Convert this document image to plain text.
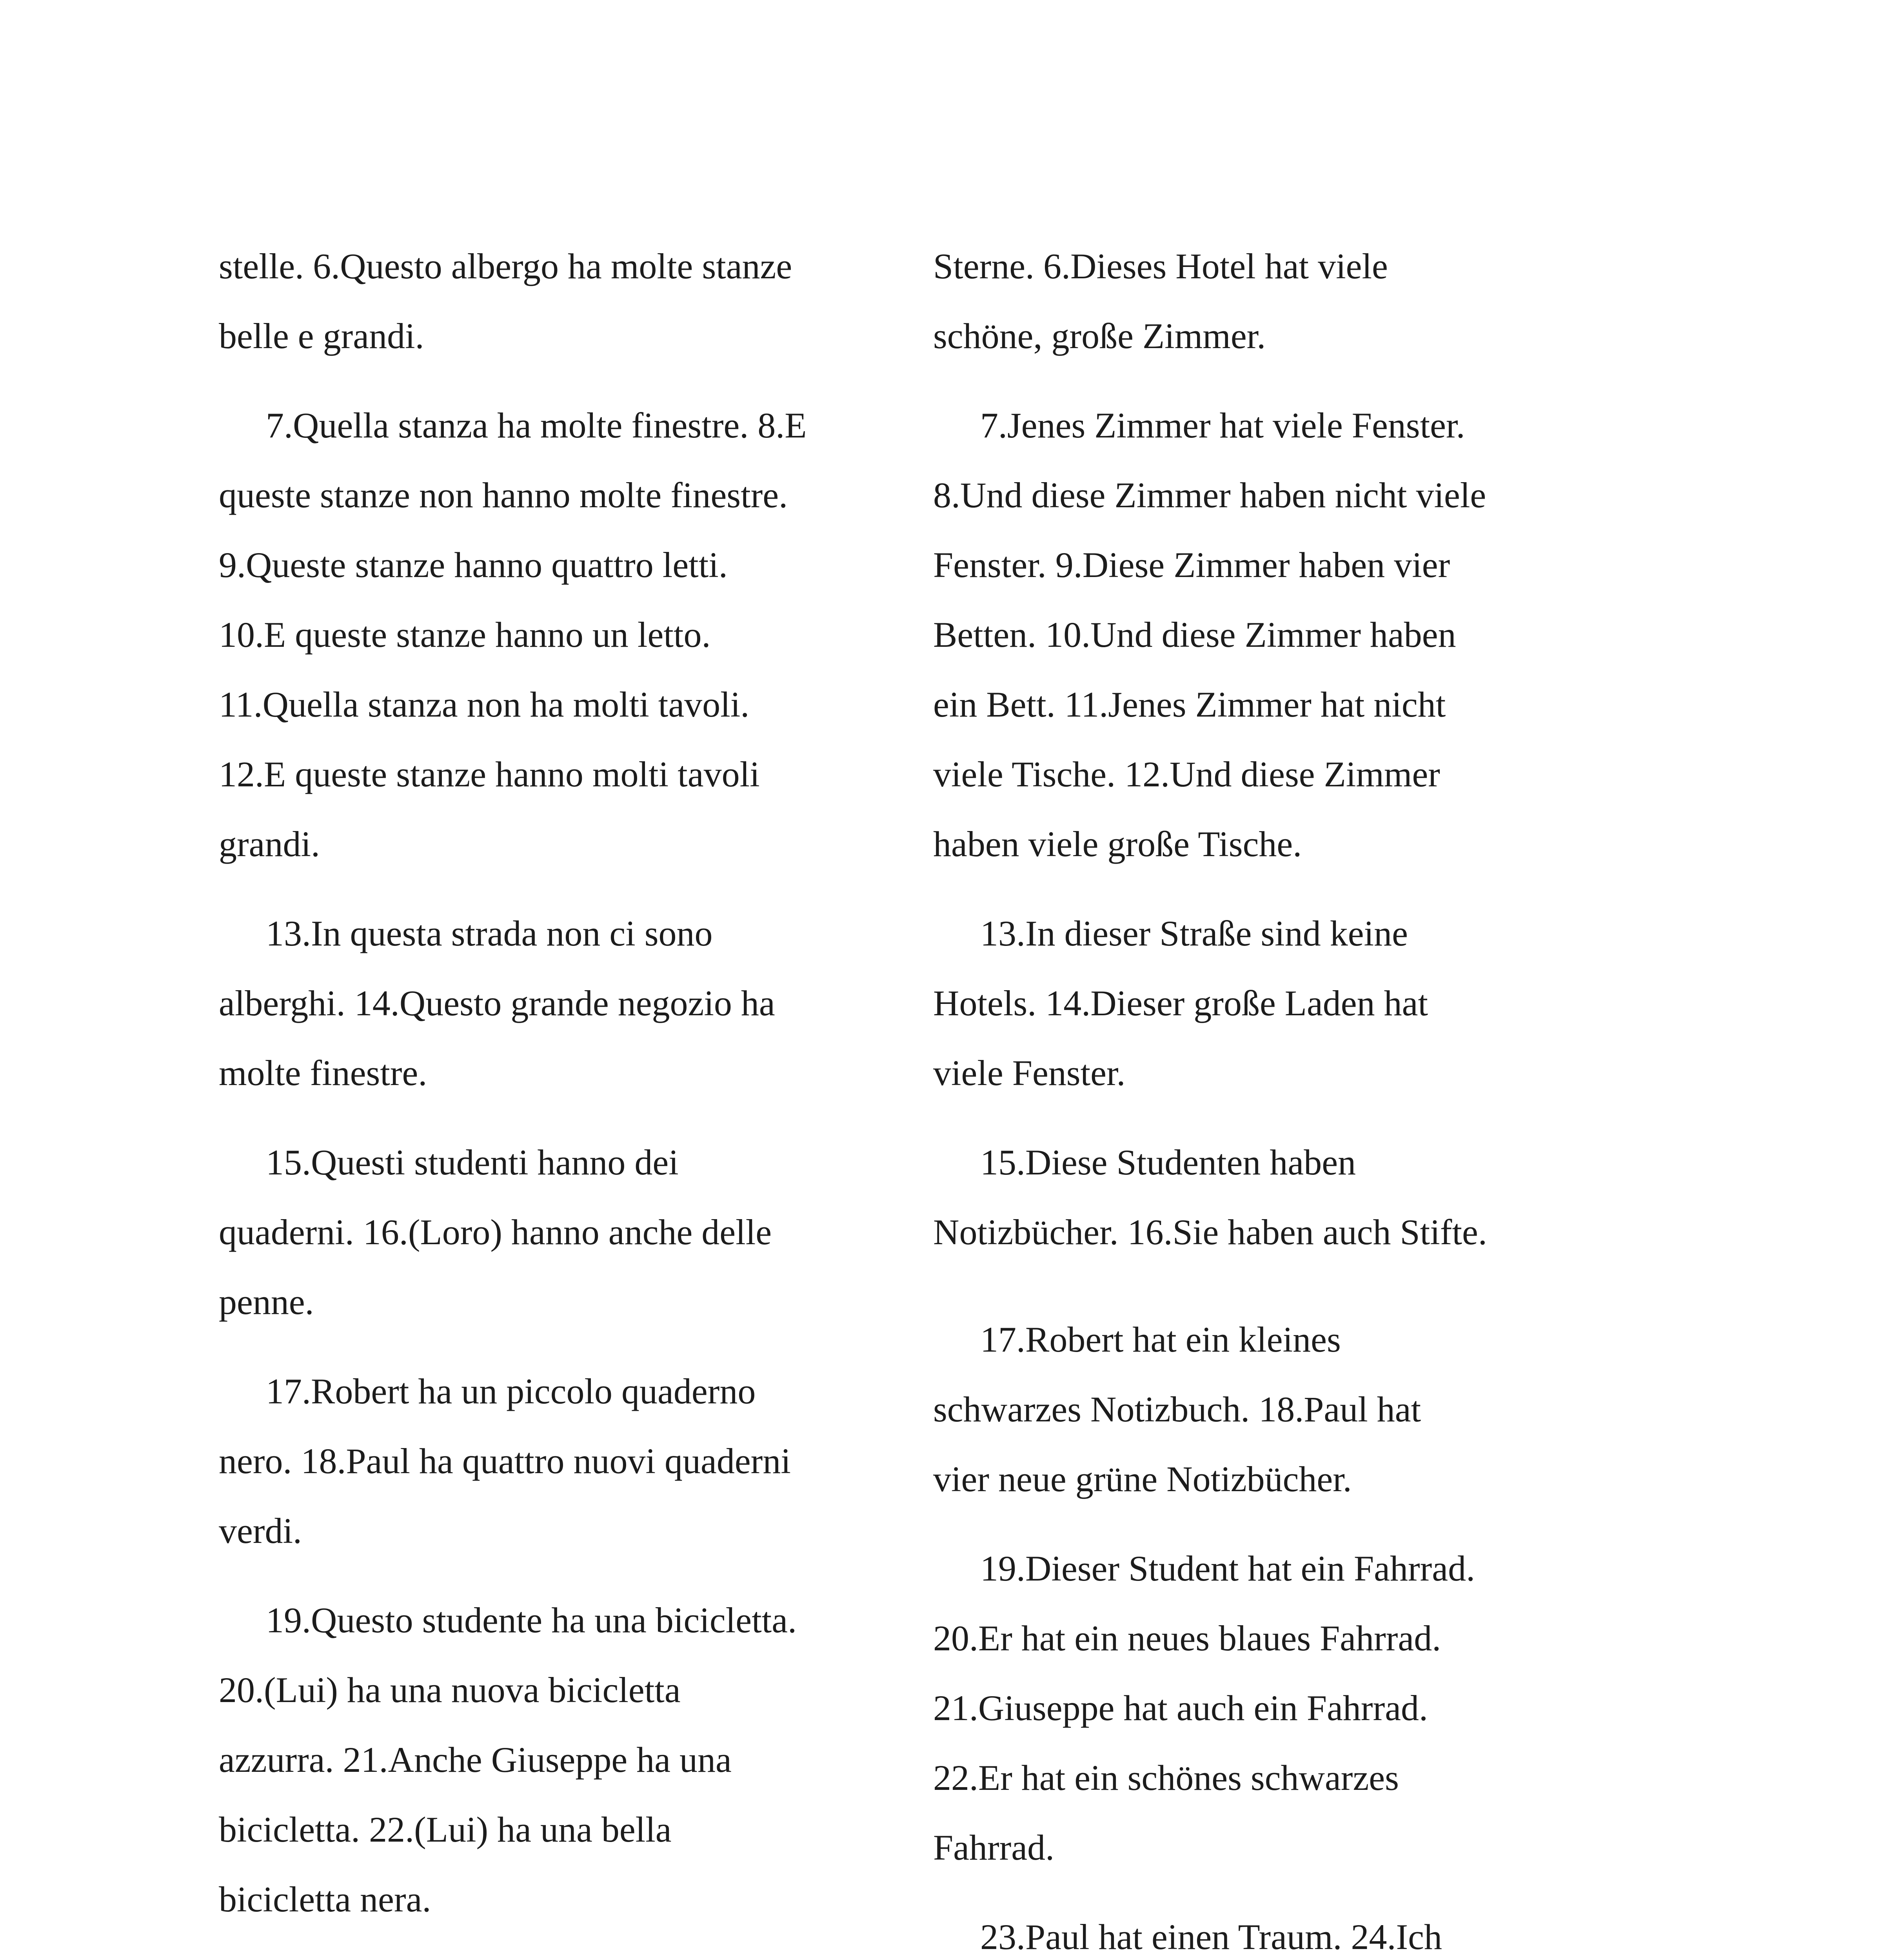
stelle. 6.Questo albergo ha molte stanze
belle e grandi.
7.Quella stanza ha molte finestre. 8.E
queste stanze non hanno molte finestre.
9.Queste stanze hanno quattro letti.
10.E queste stanze hanno un letto.
11.Quella stanza non ha molti tavoli.
12.E queste stanze hanno molti tavoli
grandi.
13.In questa strada non ci sono
alberghi. 14.Questo grande negozio ha
molte finestre.
15.Questi studenti hanno dei
quaderni. 16.(Loro) hanno anche delle
penne.
17.Robert ha un piccolo quaderno
nero. 18.Paul ha quattro nuovi quaderni
verdi.
19.Questo studente ha una bicicletta.
20.(Lui) ha una nuova bicicletta
azzurra. 21.Anche Giuseppe ha una
bicicletta. 22.(Lui) ha una bella
bicicletta nera.
Sterne. 6.Dieses Hotel hat viele
schöne, große Zimmer.
7.Jenes Zimmer hat viele Fenster.
8.Und diese Zimmer haben nicht viele
Fenster. 9.Diese Zimmer haben vier
Betten. 10.Und diese Zimmer haben
ein Bett. 11.Jenes Zimmer hat nicht
viele Tische. 12.Und diese Zimmer
haben viele große Tische.
13.In dieser Straße sind keine
Hotels. 14.Dieser große Laden hat
viele Fenster.
15.Diese Studenten haben
Notizbücher. 16.Sie haben auch Stifte.
17.Robert hat ein kleines
schwarzes Notizbuch. 18.Paul hat
vier neue grüne Notizbücher.
19.Dieser Student hat ein Fahrrad.
20.Er hat ein neues blaues Fahrrad.
21.Giuseppe hat auch ein Fahrrad.
22.Er hat ein schönes schwarzes
Fahrrad.
23.Paul hat einen Traum. 24.Ich
